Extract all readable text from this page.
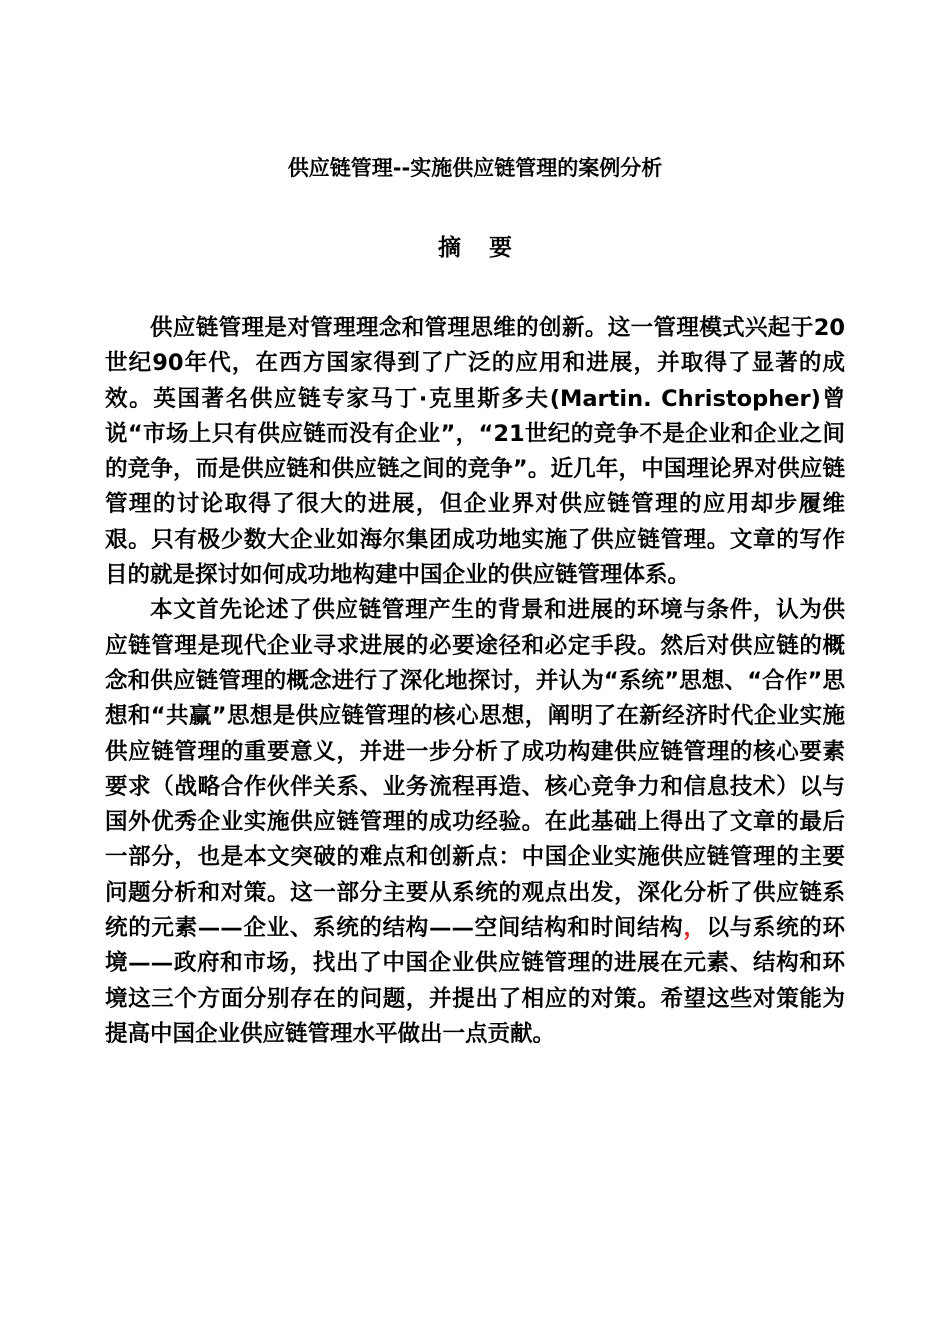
供应链管理--实施供应链管理的案例分析
摘要

供应链管理是对管理理念和管理思维的创新。这一管理模式兴起于20世纪90年代，在西方国家得到了广泛的应用和进展，并取得了显著的成效。英国著名供应链专家马丁·克里斯多夫(Martin. Christopher)曾说“市场上只有供应链而没有企业”，“21世纪的竞争不是企业和企业之间的竞争，而是供应链和供应链之间的竞争”。近几年，中国理论界对供应链管理的讨论取得了很大的进展，但企业界对供应链管理的应用却步履维艰。只有极少数大企业如海尔集团成功地实施了供应链管理。文章的写作目的就是探讨如何成功地构建中国企业的供应链管理体系。

本文首先论述了供应链管理产生的背景和进展的环境与条件，认为供应链管理是现代企业寻求进展的必要途径和必定手段。然后对供应链的概念和供应链管理的概念进行了深化地探讨，并认为“系统”思想、“合作”思想和“共赢”思想是供应链管理的核心思想，阐明了在新经济时代企业实施供应链管理的重要意义，并进一步分析了成功构建供应链管理的核心要素要求（战略合作伙伴关系、业务流程再造、核心竞争力和信息技术）以与国外优秀企业实施供应链管理的成功经验。在此基础上得出了文章的最后一部分，也是本文突破的难点和创新点：中国企业实施供应链管理的主要问题分析和对策。这一部分主要从系统的观点出发，深化分析了供应链系统的元素——企业、系统的结构——空间结构和时间结构，以与系统的环境——政府和市场，找出了中国企业供应链管理的进展在元素、结构和环境这三个方面分别存在的问题，并提出了相应的对策。希望这些对策能为提高中国企业供应链管理水平做出一点贡献。
